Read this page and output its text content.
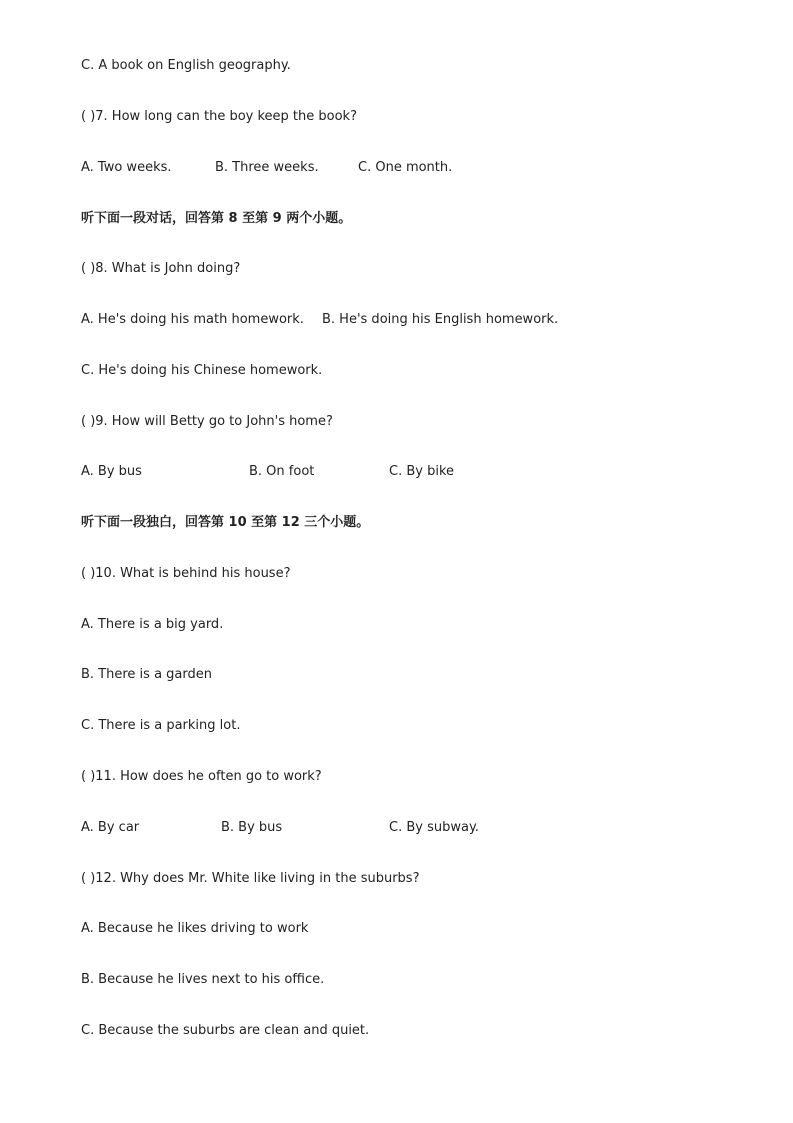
C. A book on English geography.
( )7. How long can the boy keep the book?
A. Two weeks.	B. Three weeks.	C. One month.
听下面一段对话，回答第 8 至第 9 两个小题。
( )8. What is John doing?
A. He's doing his math homework. B. He's doing his English homework.
C. He's doing his Chinese homework.
( )9. How will Betty go to John's home?
A. By bus	B. On foot	C. By bike
听下面一段独白，回答第 10 至第 12 三个小题。
( )10. What is behind his house?
A. There is a big yard.
B. There is a garden
C. There is a parking lot.
( )11. How does he often go to work?
A. By car	B. By bus	C. By subway.
( )12. Why does Mr. White like living in the suburbs?
A. Because he likes driving to work
B. Because he lives next to his office.
C. Because the suburbs are clean and quiet.
